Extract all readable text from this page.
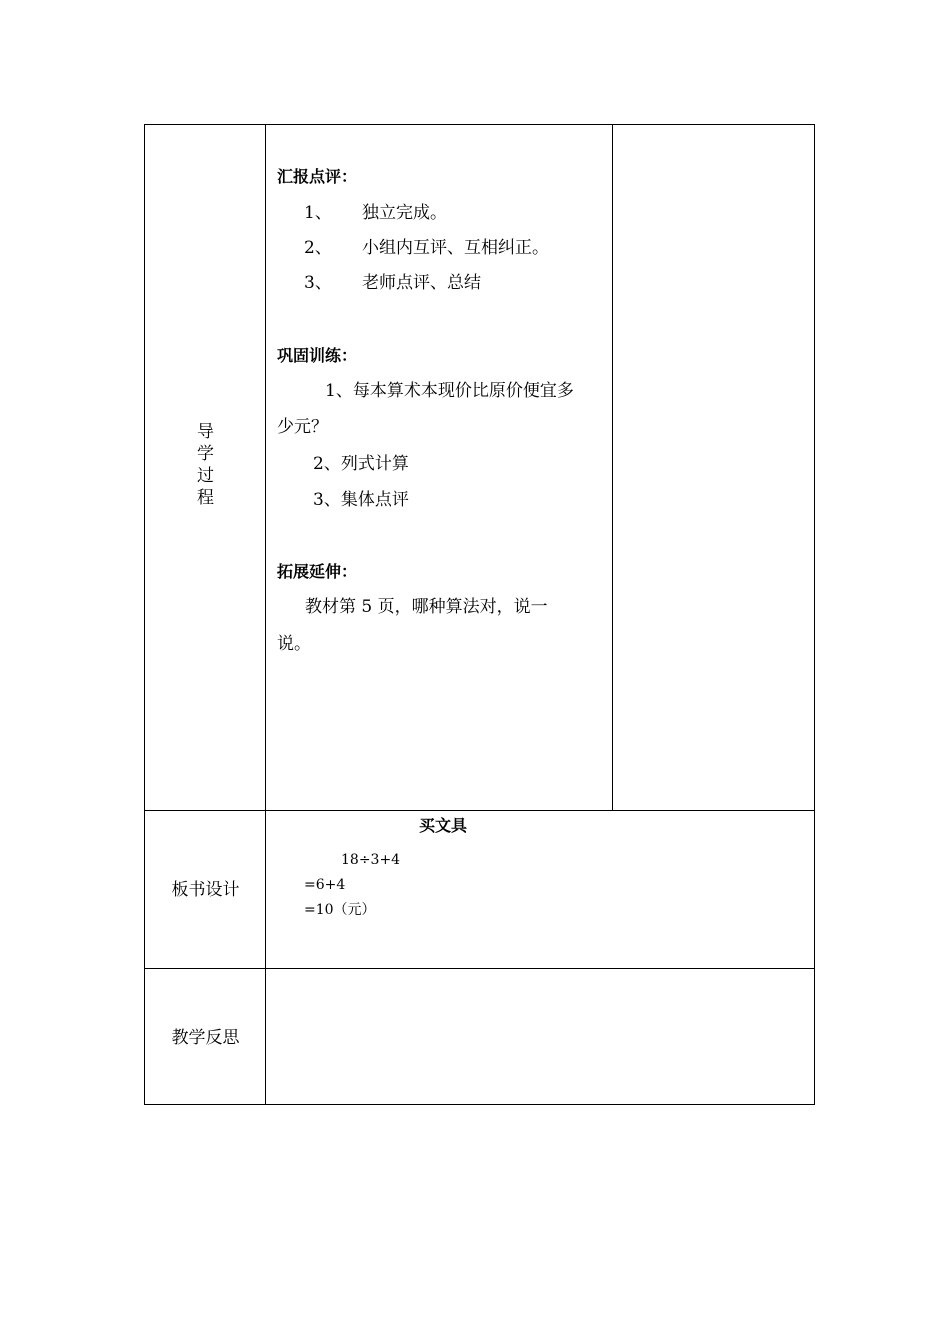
导
学
过
程
汇报点评：
1、 独立完成。
2、 小组内互评、互相纠正。
3、 老师点评、总结
巩固训练：
1、每本算术本现价比原价便宜多
少元？
2、列式计算
3、集体点评
拓展延伸：
教材第 5 页，哪种算法对，说一
说。
板书设计
买文具
18÷3+4
=6+4
=10（元）
教学反思
